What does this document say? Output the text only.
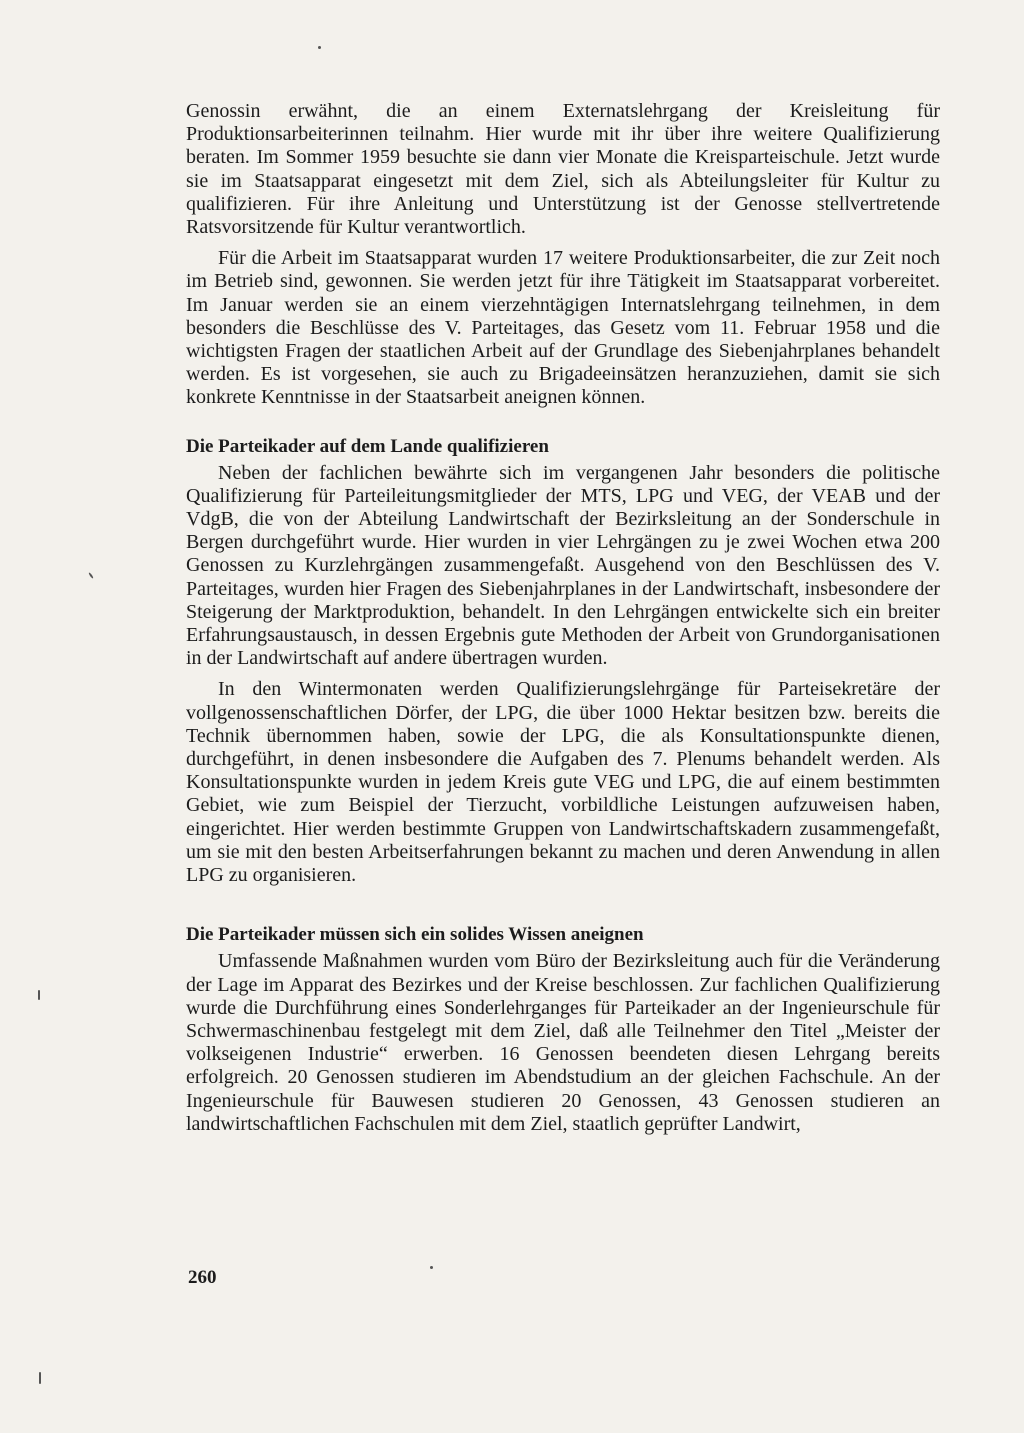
Genossin erwähnt, die an einem Externatslehrgang der Kreisleitung für Produktionsarbeiterinnen teilnahm. Hier wurde mit ihr über ihre weitere Qualifizierung beraten. Im Sommer 1959 besuchte sie dann vier Monate die Kreisparteischule. Jetzt wurde sie im Staatsapparat eingesetzt mit dem Ziel, sich als Abteilungsleiter für Kultur zu qualifizieren. Für ihre Anleitung und Unterstützung ist der Genosse stellvertretende Ratsvorsitzende für Kultur verantwortlich.

Für die Arbeit im Staatsapparat wurden 17 weitere Produktionsarbeiter, die zur Zeit noch im Betrieb sind, gewonnen. Sie werden jetzt für ihre Tätigkeit im Staatsapparat vorbereitet. Im Januar werden sie an einem vierzehntägigen Internatslehrgang teilnehmen, in dem besonders die Beschlüsse des V. Parteitages, das Gesetz vom 11. Februar 1958 und die wichtigsten Fragen der staatlichen Arbeit auf der Grundlage des Siebenjahrplanes behandelt werden. Es ist vorgesehen, sie auch zu Brigadeeinsätzen heranzuziehen, damit sie sich konkrete Kenntnisse in der Staatsarbeit aneignen können.

Die Parteikader auf dem Lande qualifizieren

Neben der fachlichen bewährte sich im vergangenen Jahr besonders die politische Qualifizierung für Parteileitungsmitglieder der MTS, LPG und VEG, der VEAB und der VdgB, die von der Abteilung Landwirtschaft der Bezirksleitung an der Sonderschule in Bergen durchgeführt wurde. Hier wurden in vier Lehrgängen zu je zwei Wochen etwa 200 Genossen zu Kurzlehrgängen zusammengefaßt. Ausgehend von den Beschlüssen des V. Parteitages, wurden hier Fragen des Siebenjahrplanes in der Landwirtschaft, insbesondere der Steigerung der Marktproduktion, behandelt. In den Lehrgängen entwickelte sich ein breiter Erfahrungsaustausch, in dessen Ergebnis gute Methoden der Arbeit von Grundorganisationen in der Landwirtschaft auf andere übertragen wurden.

In den Wintermonaten werden Qualifizierungslehrgänge für Parteisekretäre der vollgenossenschaftlichen Dörfer, der LPG, die über 1000 Hektar besitzen bzw. bereits die Technik übernommen haben, sowie der LPG, die als Konsultationspunkte dienen, durchgeführt, in denen insbesondere die Aufgaben des 7. Plenums behandelt werden. Als Konsultationspunkte wurden in jedem Kreis gute VEG und LPG, die auf einem bestimmten Gebiet, wie zum Beispiel der Tierzucht, vorbildliche Leistungen aufzuweisen haben, eingerichtet. Hier werden bestimmte Gruppen von Landwirtschaftskadern zusammengefaßt, um sie mit den besten Arbeitserfahrungen bekannt zu machen und deren Anwendung in allen LPG zu organisieren.

Die Parteikader müssen sich ein solides Wissen aneignen

Umfassende Maßnahmen wurden vom Büro der Bezirksleitung auch für die Veränderung der Lage im Apparat des Bezirkes und der Kreise beschlossen. Zur fachlichen Qualifizierung wurde die Durchführung eines Sonderlehrganges für Parteikader an der Ingenieurschule für Schwermaschinenbau festgelegt mit dem Ziel, daß alle Teilnehmer den Titel „Meister der volkseigenen Industrie“ erwerben. 16 Genossen beendeten diesen Lehrgang bereits erfolgreich. 20 Genossen studieren im Abendstudium an der gleichen Fachschule. An der Ingenieurschule für Bauwesen studieren 20 Genossen, 43 Genossen studieren an landwirtschaftlichen Fachschulen mit dem Ziel, staatlich geprüfter Landwirt,

260
